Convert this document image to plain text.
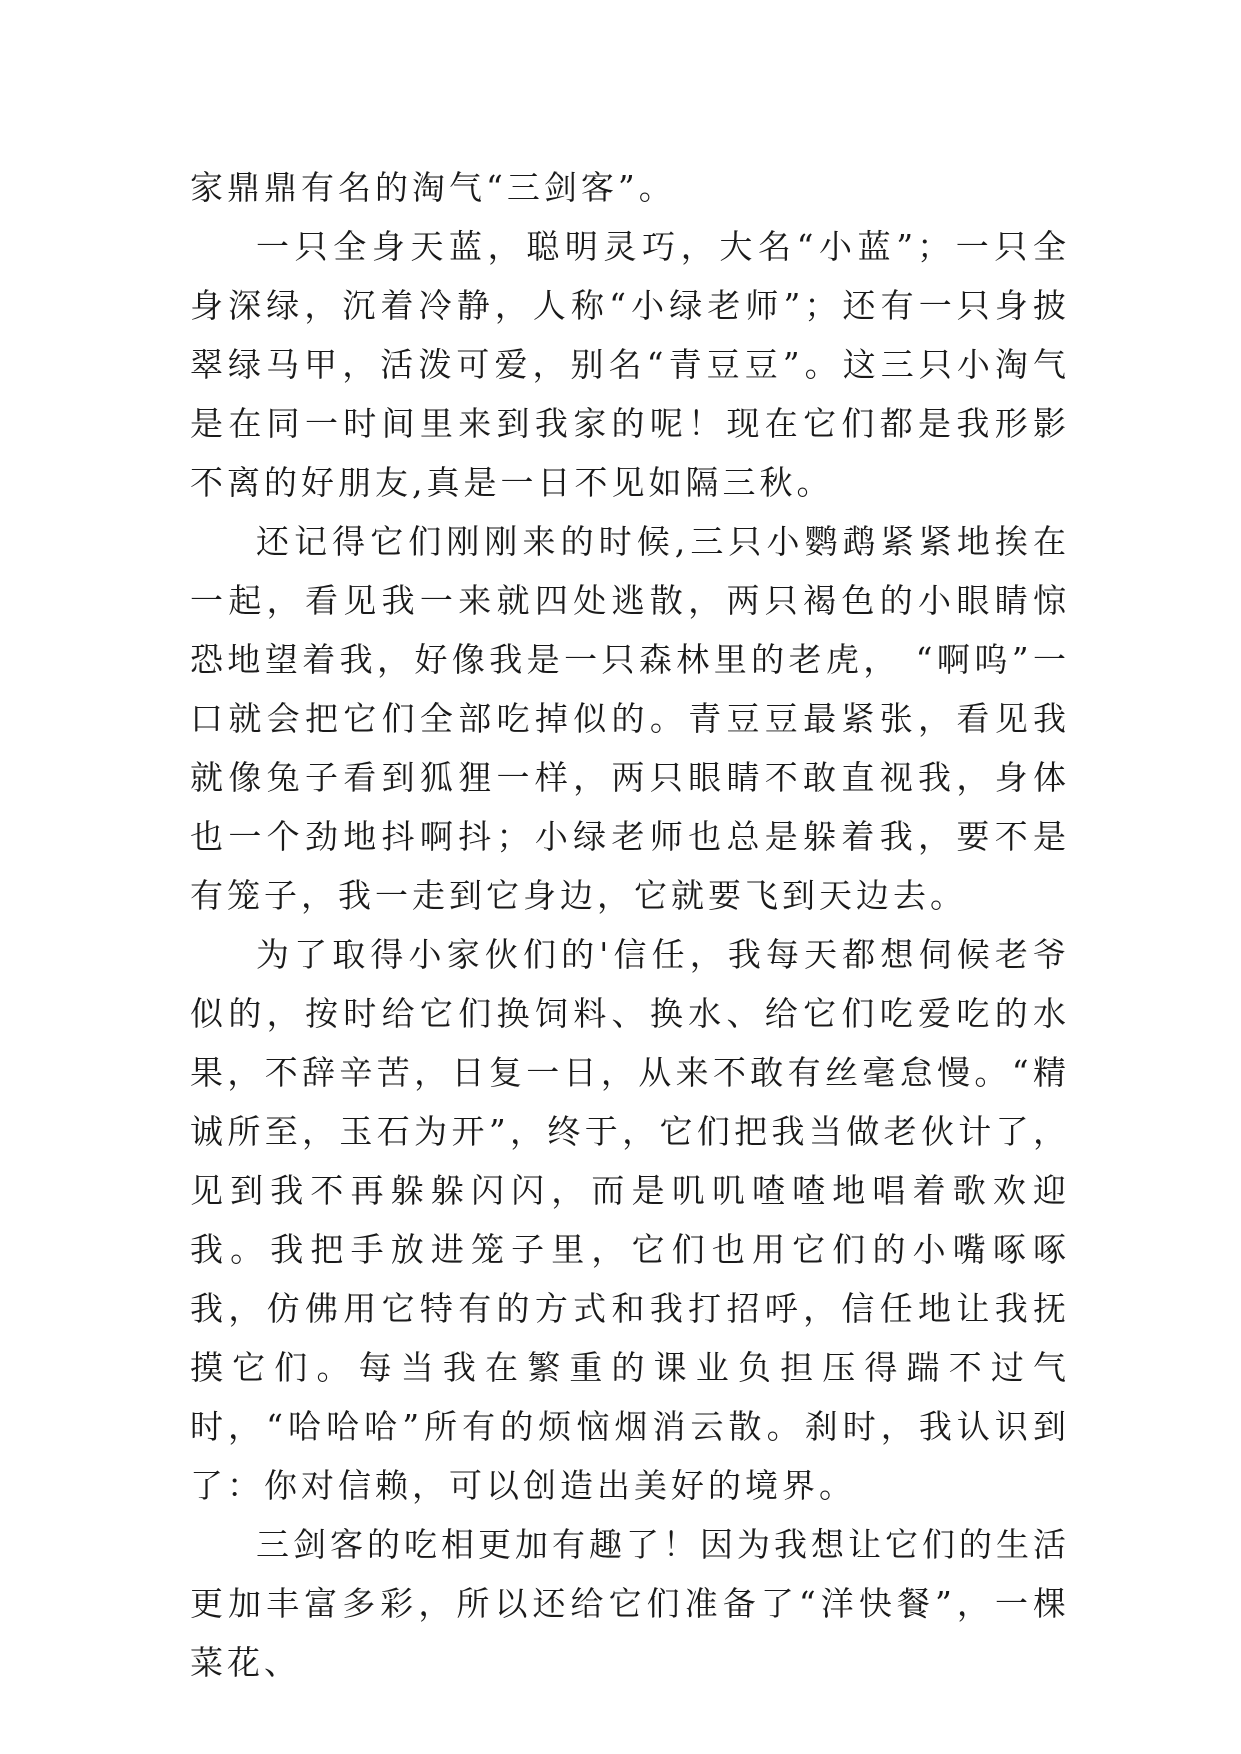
家鼎鼎有名的淘气“三剑客”。

一只全身天蓝，聪明灵巧，大名“小蓝”；一只全身深绿，沉着冷静，人称“小绿老师”；还有一只身披翠绿马甲，活泼可爱，别名“青豆豆”。这三只小淘气是在同一时间里来到我家的呢！现在它们都是我形影不离的好朋友,真是一日不见如隔三秋。

还记得它们刚刚来的时候,三只小鹦鹉紧紧地挨在一起，看见我一来就四处逃散，两只褐色的小眼睛惊恐地望着我，好像我是一只森林里的老虎， “啊呜”一口就会把它们全部吃掉似的。青豆豆最紧张，看见我就像兔子看到狐狸一样，两只眼睛不敢直视我，身体也一个劲地抖啊抖；小绿老师也总是躲着我，要不是有笼子，我一走到它身边，它就要飞到天边去。

为了取得小家伙们的'信任，我每天都想伺候老爷似的，按时给它们换饲料、换水、给它们吃爱吃的水果，不辞辛苦，日复一日，从来不敢有丝毫怠慢。“精诚所至，玉石为开”，终于，它们把我当做老伙计了，见到我不再躲躲闪闪，而是叽叽喳喳地唱着歌欢迎我。我把手放进笼子里，它们也用它们的小嘴啄啄我，仿佛用它特有的方式和我打招呼，信任地让我抚摸它们。每当我在繁重的课业负担压得踹不过气时，“哈哈哈”所有的烦恼烟消云散。刹时，我认识到了：你对信赖，可以创造出美好的境界。

三剑客的吃相更加有趣了！因为我想让它们的生活更加丰富多彩，所以还给它们准备了“洋快餐”，一棵菜花、
